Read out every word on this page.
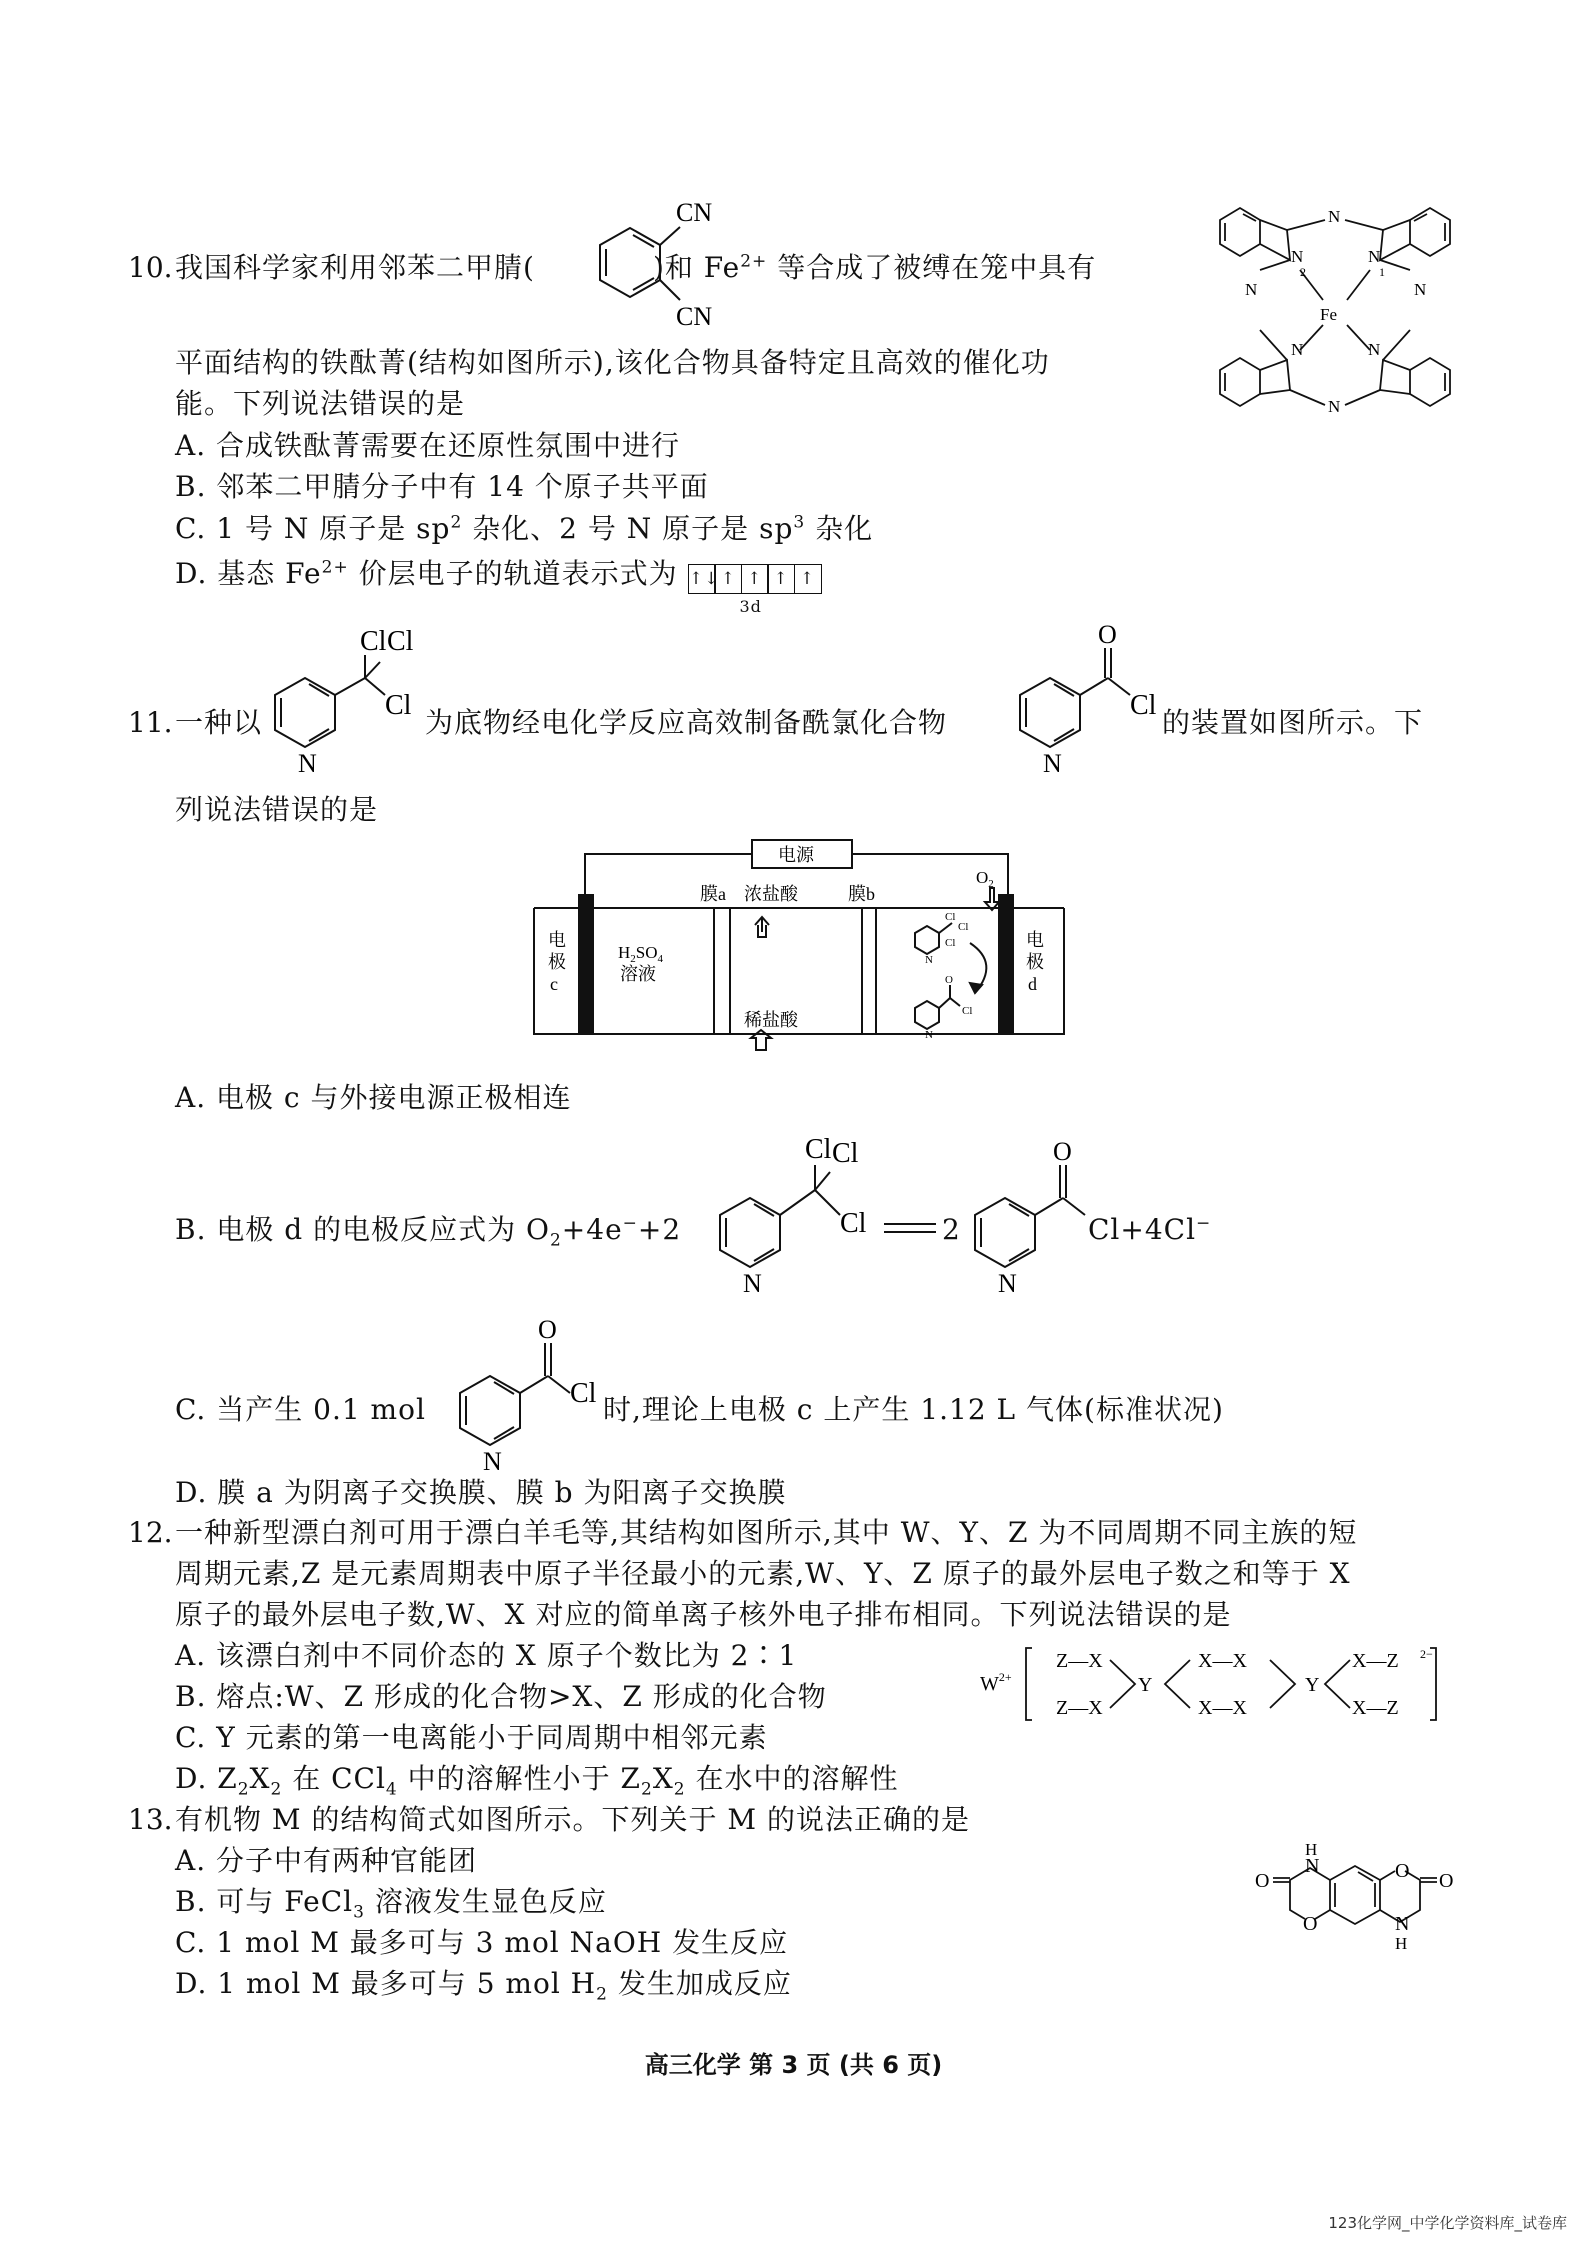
10. 我国科学家利用邻苯二甲腈(	)和 $Fe^{2+}$ 等合成了被缚在笼中具有
CN
CN
N
N	N
N
N	N
N	N
Fe
2	1
平面结构的铁酞菁(结构如图所示),该化合物具备特定且高效的催化功
能。下列说法错误的是
A. 合成铁酞菁需要在还原性氛围中进行
B. 邻苯二甲腈分子中有 14 个原子共平面
C. 1 号 N 原子是 $sp^2$ 杂化、2 号 N 原子是 $sp^3$ 杂化
D. 基态 $Fe^{2+}$ 价层电子的轨道表示式为 ↑↓↑ ↑ ↑ ↑
3d
11.
Cl Cl
Cl
N
O
Cl
N
一种以	为底物经电化学反应高效制备酰氯化合物	的装置如图所示。下
列说法错误的是
电源
膜a 浓盐酸	膜b
稀盐酸
$H_2SO_4$
溶液
电
极
c
电
极
d
$O_2$
Cl
Cl
Cl
N
O
Cl
N
A. 电极 c 与外接电源正极相连
B. 电极 d 的电极反应式为 $O_2+4e^-+2$
Cl Cl
Cl
N
2
O
N
Cl+4Cl−
C. 当产生 0.1 mol
O
Cl
N
时,理论上电极 c 上产生 1.12 L 气体(标准状况)
D. 膜 a 为阴离子交换膜、膜 b 为阳离子交换膜
12. 一种新型漂白剂可用于漂白羊毛等,其结构如图所示,其中 W、Y、Z 为不同周期不同主族的短
周期元素,Z 是元素周期表中原子半径最小的元素,W、Y、Z 原子的最外层电子数之和等于 X
原子的最外层电子数,W、X 对应的简单离子核外电子排布相同。下列说法错误的是
A. 该漂白剂中不同价态的 X 原子个数比为 2∶1
B. 熔点:W、Z 形成的化合物>X、Z 形成的化合物
C. Y 元素的第一电离能小于同周期中相邻元素
D. $Z_2X_2$ 在 CCl$_4$ 中的溶解性小于 $Z_2X_2$ 在水中的溶解性
$W^{2+}$
Z—X
Z—X
Y
X—X
X—X
Y
X—Z
X—Z
2−
13. 有机物 M 的结构简式如图所示。下列关于 M 的说法正确的是
A. 分子中有两种官能团
B. 可与 FeCl$_3$ 溶液发生显色反应
C. 1 mol M 最多可与 3 mol NaOH 发生反应
D. 1 mol M 最多可与 5 mol $H_2$ 发生加成反应
O
O
N
H
O O
N
H
高三化学 第 3 页 (共 6 页)
123化学网_中学化学资料库_试卷库
